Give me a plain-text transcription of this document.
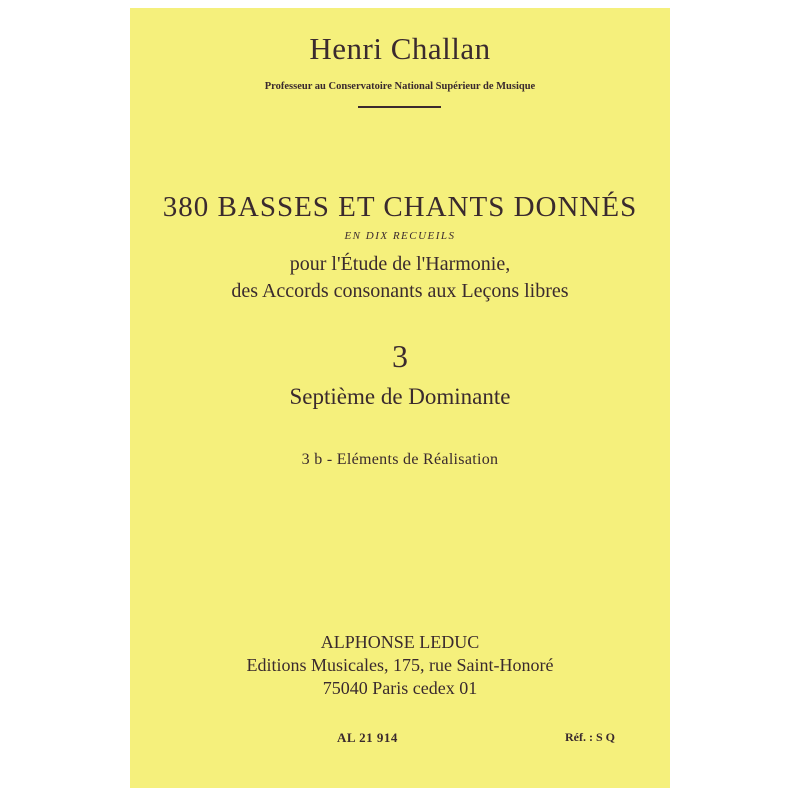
Henri Challan
Professeur au Conservatoire National Supérieur de Musique
380 BASSES ET CHANTS DONNÉS
EN DIX RECUEILS
pour l'Étude de l'Harmonie,
des Accords consonants aux Leçons libres
3
Septième de Dominante
3 b - Eléments de Réalisation
ALPHONSE LEDUC
Editions Musicales, 175, rue Saint-Honoré
75040 Paris cedex 01
AL 21 914	Réf. : S Q
